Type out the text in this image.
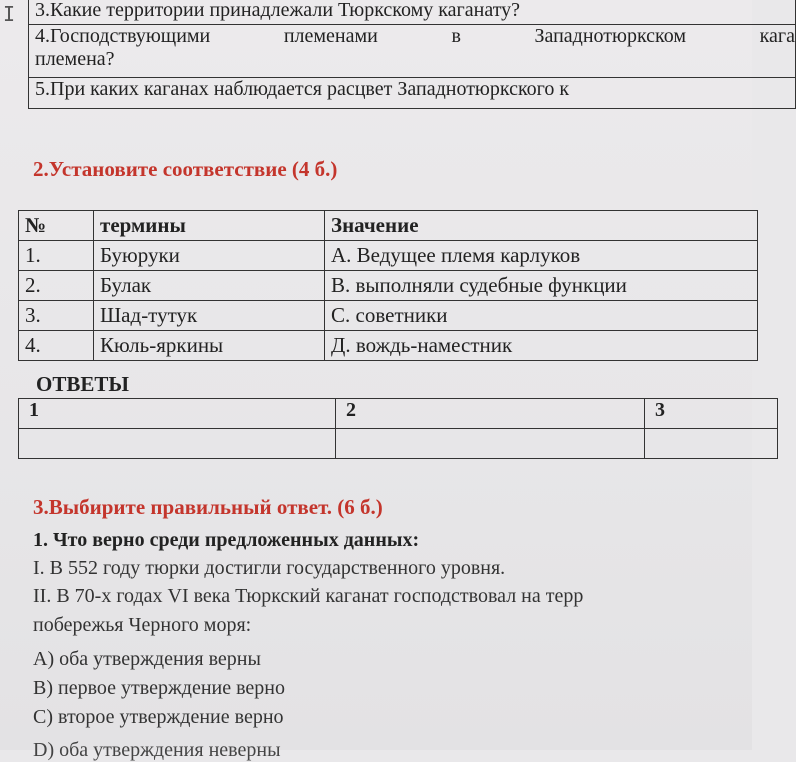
I 3.Какие территории принадлежали Тюркскому каганату?

4.Господствующими	племенами	в	Западнотюркском	кага
племена?

5.При каких каганах наблюдается расцвет Западнотюркского к
2.Установите соответствие (4 б.)
№	термины	Значение
1.	Буюруки	А. Ведущее племя карлуков
2.	Булак	В. выполняли судебные функции
3.	Шад-тутук	С. советники
4.	Кюль-яркины	Д. вождь-наместник
ОТВЕТЫ
1	2	3

3.Выбирите правильный ответ. (6 б.)
1. Что верно среди предложенных данных:
I. В 552 году тюрки достигли государственного уровня.
II. В 70-х годах VI века Тюркский каганат господствовал на терр
побережья Черного моря:
А) оба утверждения верны
В) первое утверждение верно
С) второе утверждение верно
D) оба утверждения неверны
